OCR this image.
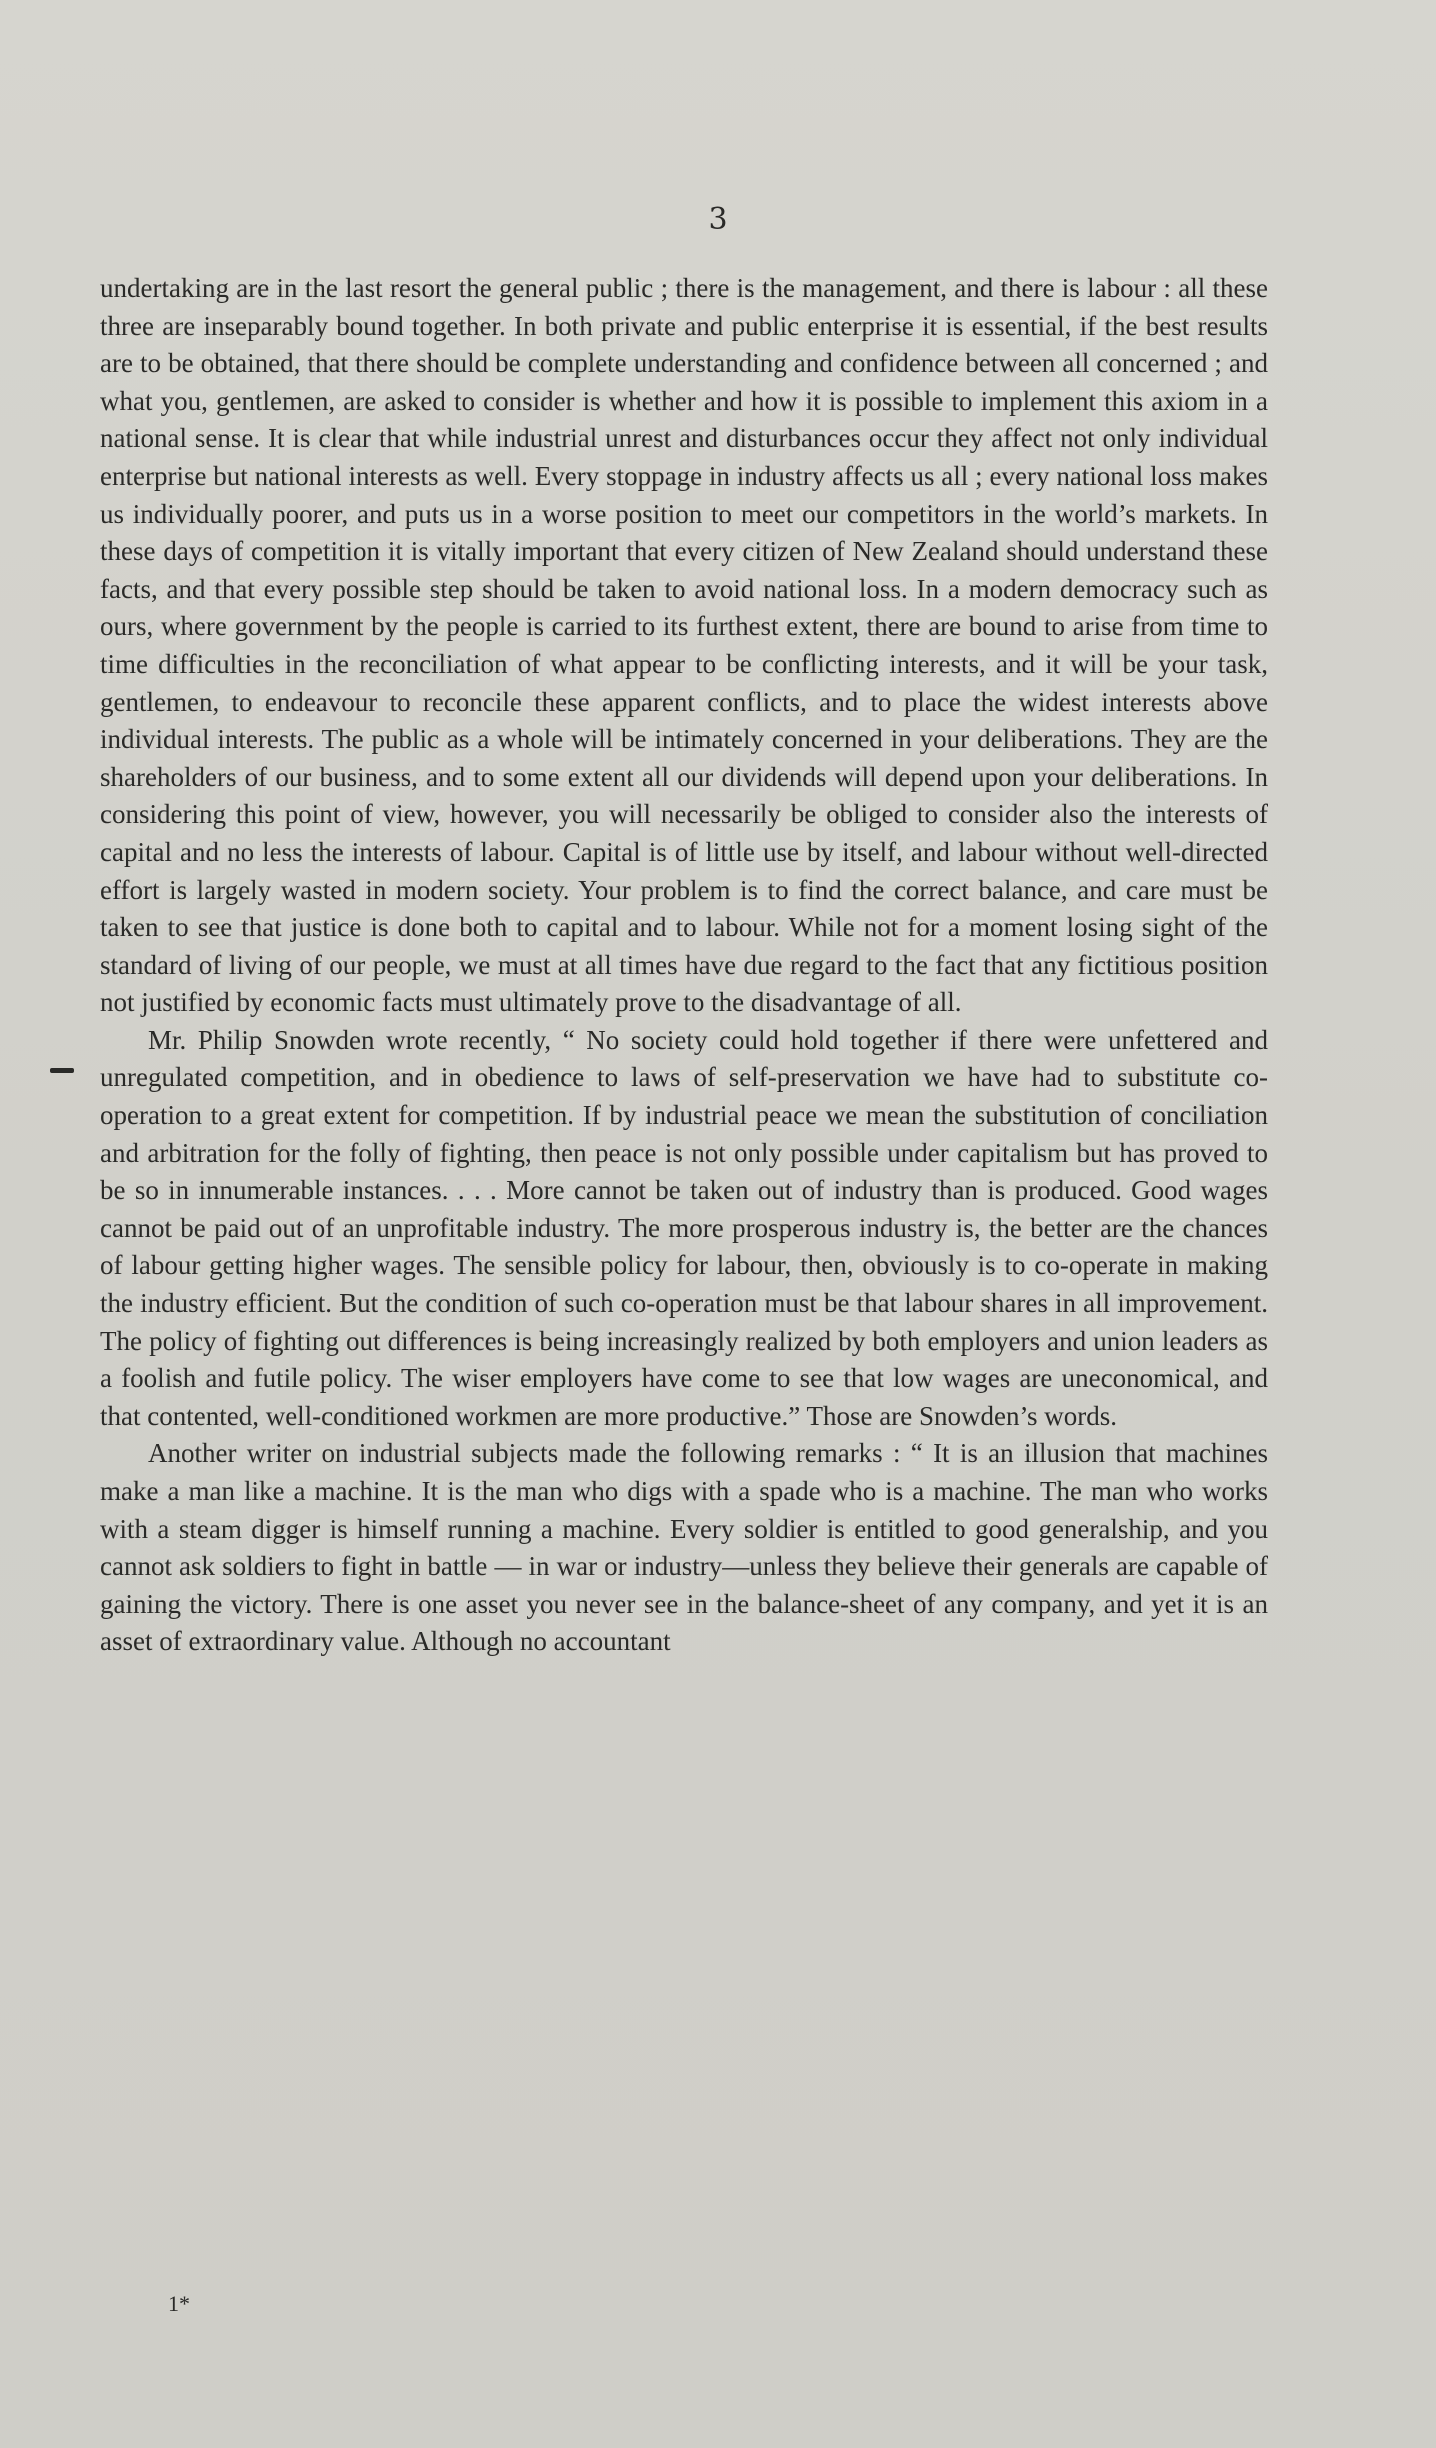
3

undertaking are in the last resort the general public ; there is the management, and there is labour : all these three are inseparably bound together. In both private and public enterprise it is essential, if the best results are to be obtained, that there should be complete understanding and confidence between all concerned ; and what you, gentlemen, are asked to consider is whether and how it is possible to implement this axiom in a national sense. It is clear that while industrial unrest and disturbances occur they affect not only individual enterprise but national interests as well. Every stoppage in industry affects us all ; every national loss makes us individually poorer, and puts us in a worse position to meet our competitors in the world’s markets. In these days of competition it is vitally important that every citizen of New Zealand should understand these facts, and that every possible step should be taken to avoid national loss. In a modern democracy such as ours, where government by the people is carried to its furthest extent, there are bound to arise from time to time difficulties in the reconciliation of what appear to be conflicting interests, and it will be your task, gentlemen, to endeavour to reconcile these apparent conflicts, and to place the widest interests above individual interests. The public as a whole will be intimately concerned in your deliberations. They are the shareholders of our business, and to some extent all our dividends will depend upon your deliberations. In considering this point of view, however, you will necessarily be obliged to consider also the interests of capital and no less the interests of labour. Capital is of little use by itself, and labour without well-directed effort is largely wasted in modern society. Your problem is to find the correct balance, and care must be taken to see that justice is done both to capital and to labour. While not for a moment losing sight of the standard of living of our people, we must at all times have due regard to the fact that any fictitious position not justified by economic facts must ultimately prove to the disadvantage of all.

Mr. Philip Snowden wrote recently, “ No society could hold together if there were unfettered and unregulated competition, and in obedience to laws of self-preservation we have had to substitute co-operation to a great extent for competition. If by industrial peace we mean the substitution of conciliation and arbitration for the folly of fighting, then peace is not only possible under capitalism but has proved to be so in innumerable instances. . . . More cannot be taken out of industry than is produced. Good wages cannot be paid out of an unprofitable industry. The more prosperous industry is, the better are the chances of labour getting higher wages. The sensible policy for labour, then, obviously is to co-operate in making the industry efficient. But the condition of such co-operation must be that labour shares in all improvement. The policy of fighting out differences is being increasingly realized by both employers and union leaders as a foolish and futile policy. The wiser employers have come to see that low wages are uneconomical, and that contented, well-conditioned workmen are more productive.” Those are Snowden’s words.

Another writer on industrial subjects made the following remarks : “ It is an illusion that machines make a man like a machine. It is the man who digs with a spade who is a machine. The man who works with a steam digger is himself running a machine. Every soldier is entitled to good generalship, and you cannot ask soldiers to fight in battle — in war or industry—unless they believe their generals are capable of gaining the victory. There is one asset you never see in the balance-sheet of any company, and yet it is an asset of extraordinary value. Although no accountant

1*
